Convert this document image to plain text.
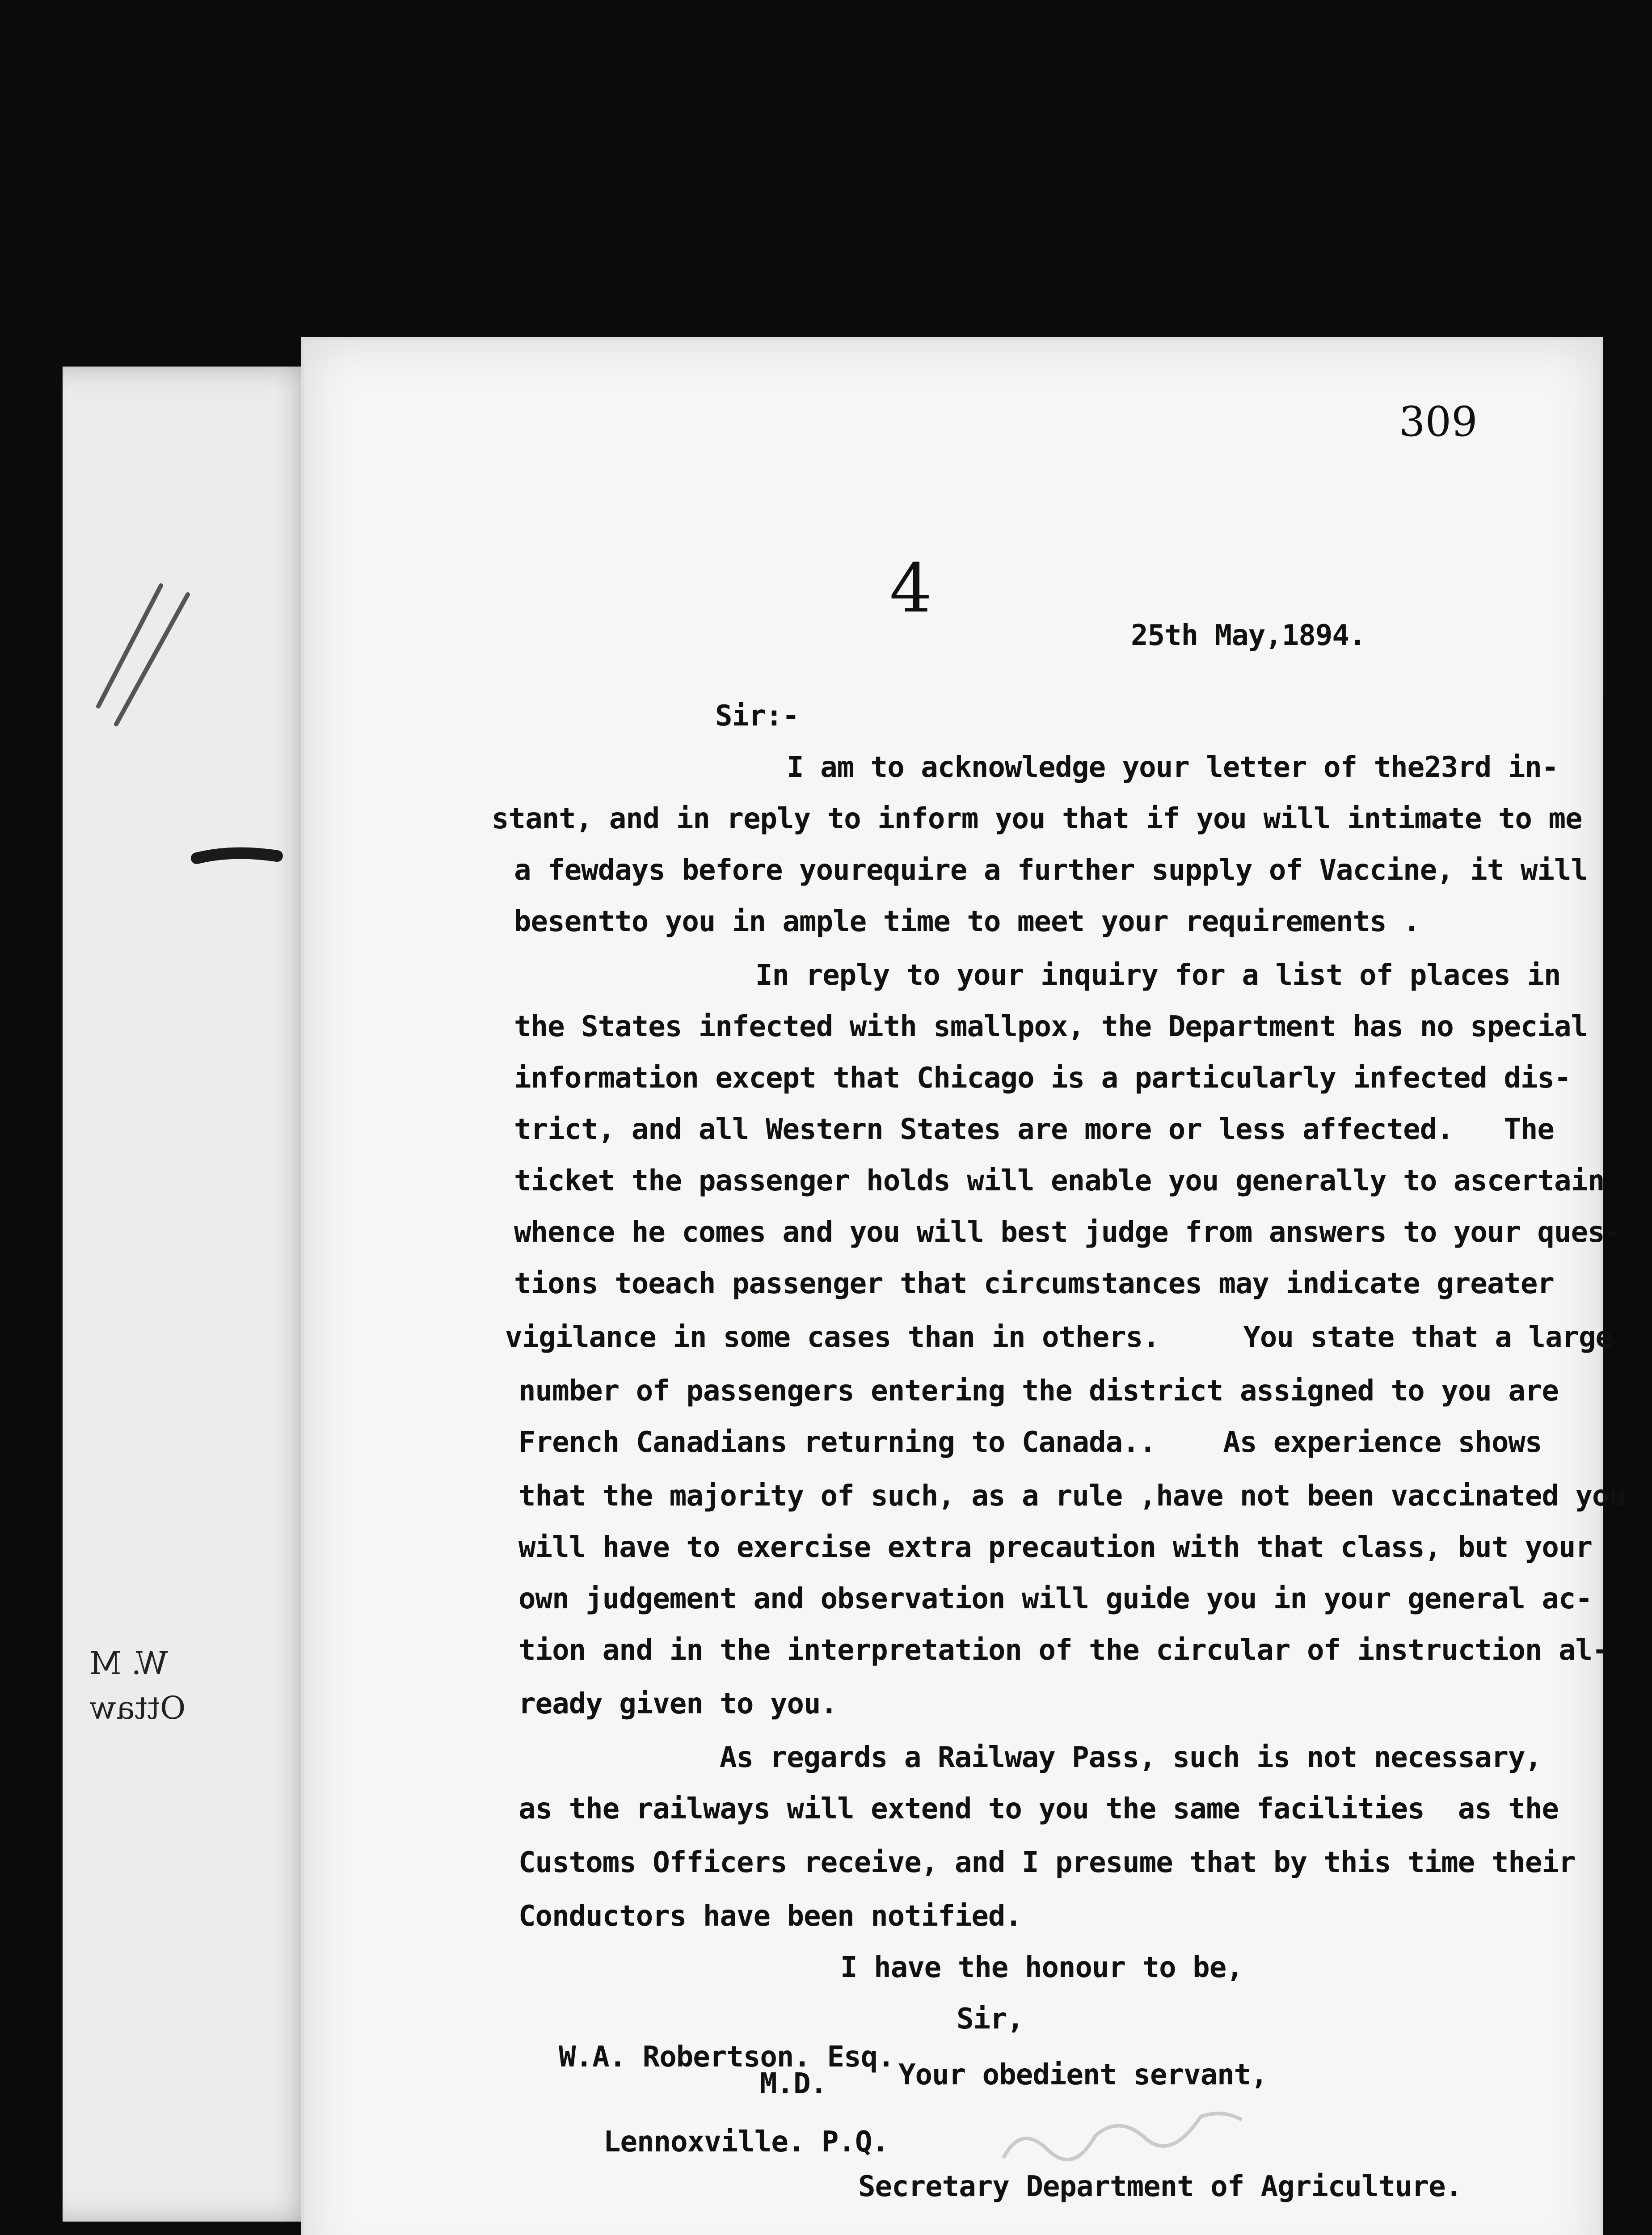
W. M
Ottaw
309
4
25th May,1894.
Sir:-
I am to acknowledge your letter of the23rd in-
stant, and in reply to inform you that if you will intimate to me
a fewdays before yourequire a further supply of Vaccine, it will
besentto you in ample time to meet your requirements .
In reply to your inquiry for a list of places in
the States infected with smallpox, the Department has no special
information except that Chicago is a particularly infected dis-
trict, and all Western States are more or less affected.   The
ticket the passenger holds will enable you generally to ascertain
whence he comes and you will best judge from answers to your ques-
tions toeach passenger that circumstances may indicate greater
vigilance in some cases than in others.     You state that a large
number of passengers entering the district assigned to you are
French Canadians returning to Canada..    As experience shows
that the majority of such, as a rule ,have not been vaccinated you
will have to exercise extra precaution with that class, but your
own judgement and observation will guide you in your general ac-
tion and in the interpretation of the circular of instruction al-
ready given to you.
As regards a Railway Pass, such is not necessary,
as the railways will extend to you the same facilities  as the
Customs Officers receive, and I presume that by this time their
Conductors have been notified.
I have the honour to be,
Sir,
W.A. Robertson. Esq.
M.D. Your obedient servant,
Lennoxville. P.Q.
Secretary Department of Agriculture.
